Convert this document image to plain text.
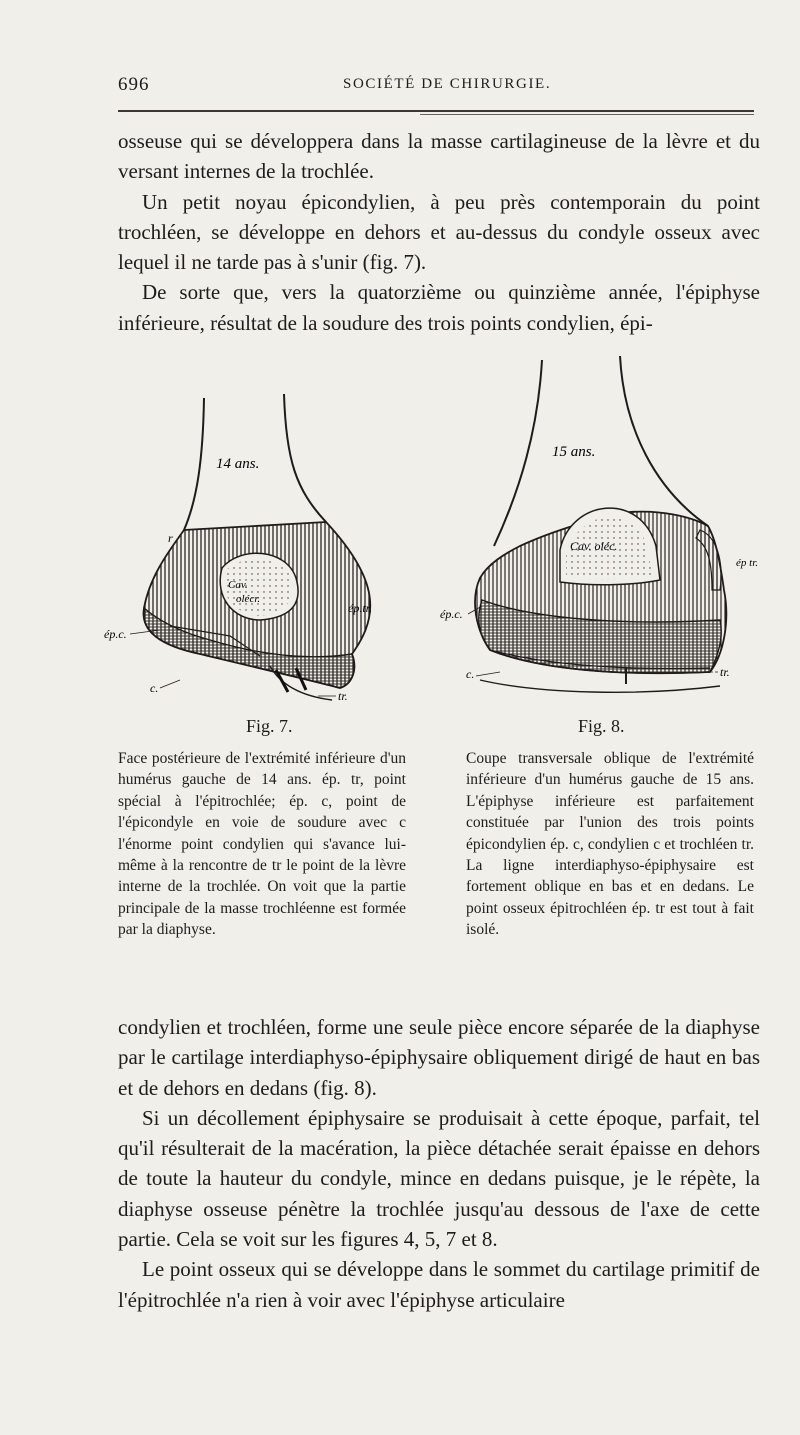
696	SOCIÉTÉ DE CHIRURGIE.

osseuse qui se développera dans la masse cartilagineuse de la lèvre et du versant internes de la trochlée.

Un petit noyau épicondylien, à peu près contemporain du point trochléen, se développe en dehors et au-dessus du condyle osseux avec lequel il ne tarde pas à s'unir (fig. 7).

De sorte que, vers la quatorzième ou quinzième année, l'épiphyse inférieure, résultat de la soudure des trois points condylien, épi-

14 ans.
Cav.
olécr.
ép.tr.
ép.c.
c.
tr.
r
Fig. 7.
15 ans.
Cav. oléc.
ép tr.
ép.c.
c.	tr.
Fig. 8.

Face postérieure de l'extrémité inférieure d'un humérus gauche de 14 ans. ép. tr, point spécial à l'épitrochlée; ép. c, point de l'épicondyle en voie de soudure avec c l'énorme point condylien qui s'avance lui-même à la rencontre de tr le point de la lèvre interne de la trochlée. On voit que la partie principale de la masse trochléenne est formée par la diaphyse.

Coupe transversale oblique de l'extrémité inférieure d'un humérus gauche de 15 ans. L'épiphyse inférieure est parfaitement constituée par l'union des trois points épicondylien ép. c, condylien c et trochléen tr. La ligne interdiaphyso-épiphysaire est fortement oblique en bas et en dedans. Le point osseux épitrochléen ép. tr est tout à fait isolé.

condylien et trochléen, forme une seule pièce encore séparée de la diaphyse par le cartilage interdiaphyso-épiphysaire obliquement dirigé de haut en bas et de dehors en dedans (fig. 8).

Si un décollement épiphysaire se produisait à cette époque, parfait, tel qu'il résulterait de la macération, la pièce détachée serait épaisse en dehors de toute la hauteur du condyle, mince en dedans puisque, je le répète, la diaphyse osseuse pénètre la trochlée jusqu'au dessous de l'axe de cette partie. Cela se voit sur les figures 4, 5, 7 et 8.

Le point osseux qui se développe dans le sommet du cartilage primitif de l'épitrochlée n'a rien à voir avec l'épiphyse articulaire
